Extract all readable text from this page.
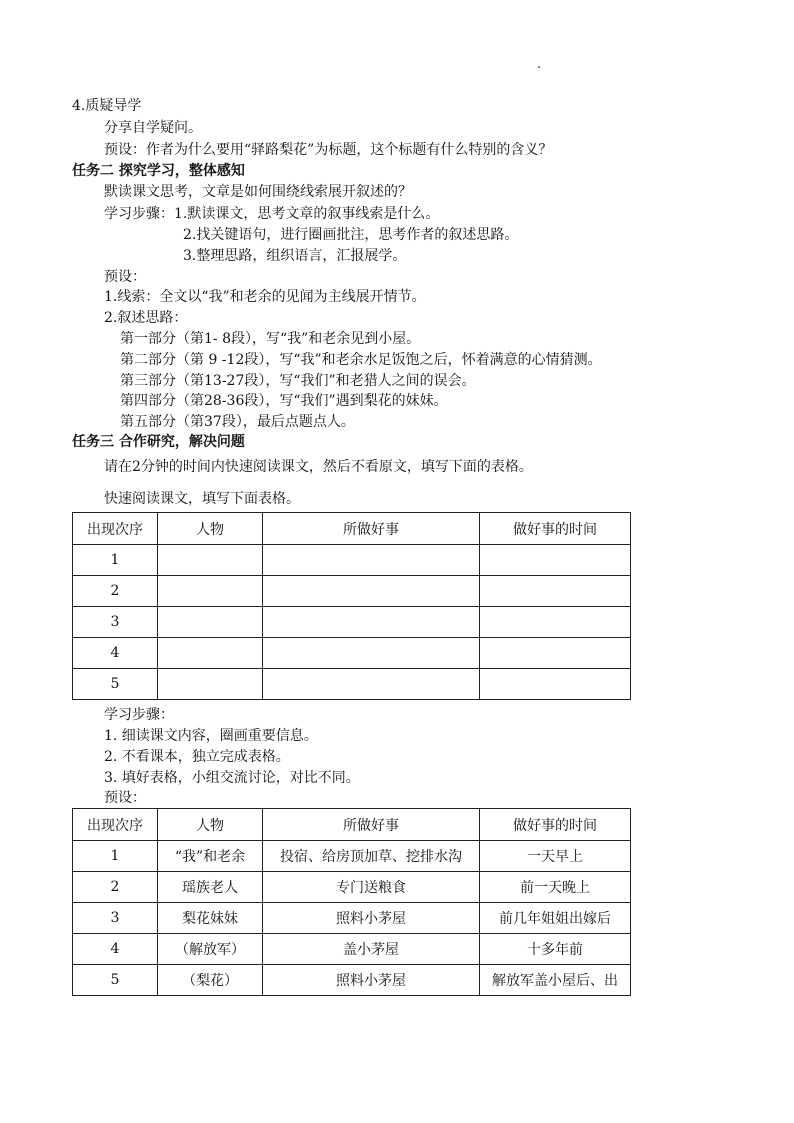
4.质疑导学
分享自学疑问。
预设：作者为什么要用“驿路梨花”为标题，这个标题有什么特别的含义？
任务二 探究学习，整体感知
默读课文思考，文章是如何围绕线索展开叙述的？
学习步骤：1.默读课文，思考文章的叙事线索是什么。
2.找关键语句，进行圈画批注，思考作者的叙述思路。
3.整理思路，组织语言，汇报展学。
预设：
1.线索：全文以“我”和老余的见闻为主线展开情节。
2.叙述思路：
第一部分（第1- 8段），写“我”和老余见到小屋。
第二部分（第 9 -12段），写“我”和老余水足饭饱之后，怀着满意的心情猜测。
第三部分（第13-27段），写“我们”和老猎人之间的误会。
第四部分（第28-36段），写“我们”遇到梨花的妹妹。
第五部分（第37段），最后点题点人。
任务三 合作研究，解决问题
请在2分钟的时间内快速阅读课文，然后不看原文，填写下面的表格。
快速阅读课文，填写下面表格。
出现次序	人物	所做好事	做好事的时间
1			
2			
3			
4			
5			
学习步骤：
1. 细读课文内容，圈画重要信息。
2. 不看课本，独立完成表格。
3. 填好表格，小组交流讨论，对比不同。
预设：
出现次序	人物	所做好事	做好事的时间
1	“我”和老余	投宿、给房顶加草、挖排水沟	一天早上
2	瑶族老人	专门送粮食	前一天晚上
3	梨花妹妹	照料小茅屋	前几年姐姐出嫁后
4	（解放军）	盖小茅屋	十多年前
5	（梨花）	照料小茅屋	解放军盖小屋后、出
